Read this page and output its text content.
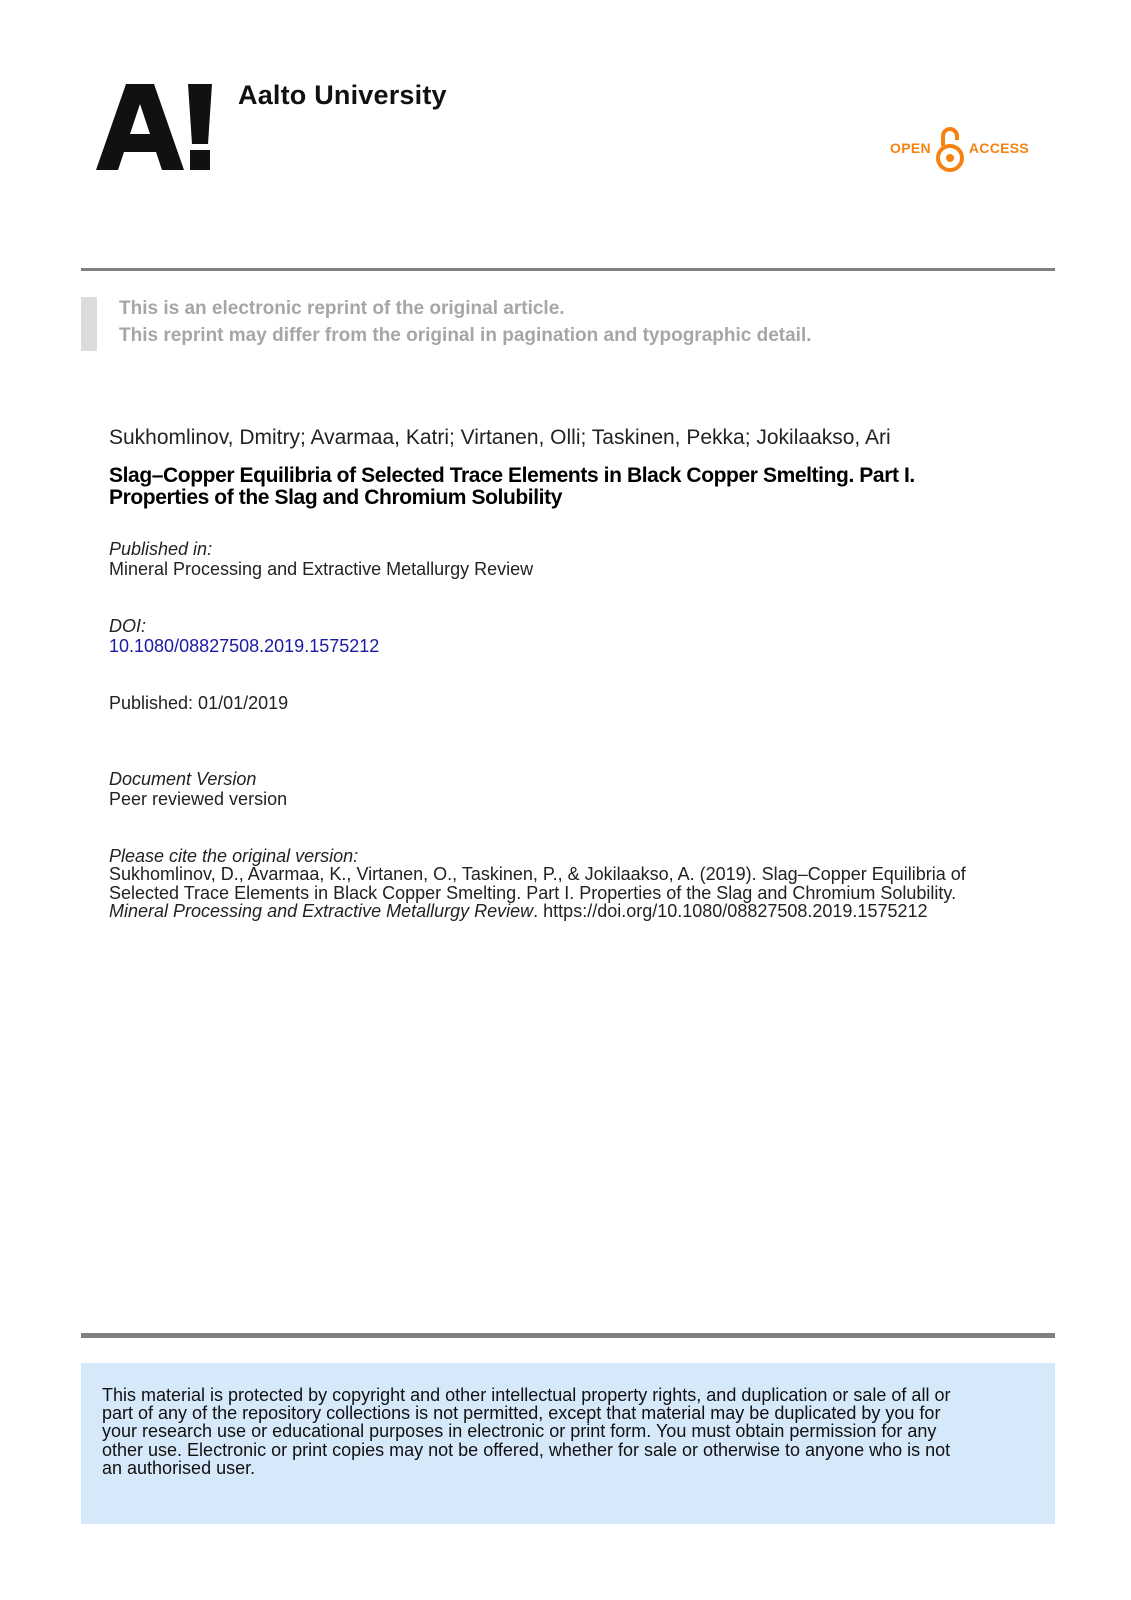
Aalto University
OPEN	ACCESS
This is an electronic reprint of the original article.
This reprint may differ from the original in pagination and typographic detail.
Sukhomlinov, Dmitry; Avarmaa, Katri; Virtanen, Olli; Taskinen, Pekka; Jokilaakso, Ari
Slag–Copper Equilibria of Selected Trace Elements in Black Copper Smelting. Part I.
Properties of the Slag and Chromium Solubility
Published in:
Mineral Processing and Extractive Metallurgy Review
DOI:
10.1080/08827508.2019.1575212
Published: 01/01/2019
Document Version
Peer reviewed version
Please cite the original version:
Sukhomlinov, D., Avarmaa, K., Virtanen, O., Taskinen, P., & Jokilaakso, A. (2019). Slag–Copper Equilibria of
Selected Trace Elements in Black Copper Smelting. Part I. Properties of the Slag and Chromium Solubility.
Mineral Processing and Extractive Metallurgy Review. https://doi.org/10.1080/08827508.2019.1575212
This material is protected by copyright and other intellectual property rights, and duplication or sale of all or
part of any of the repository collections is not permitted, except that material may be duplicated by you for
your research use or educational purposes in electronic or print form. You must obtain permission for any
other use. Electronic or print copies may not be offered, whether for sale or otherwise to anyone who is not
an authorised user.
